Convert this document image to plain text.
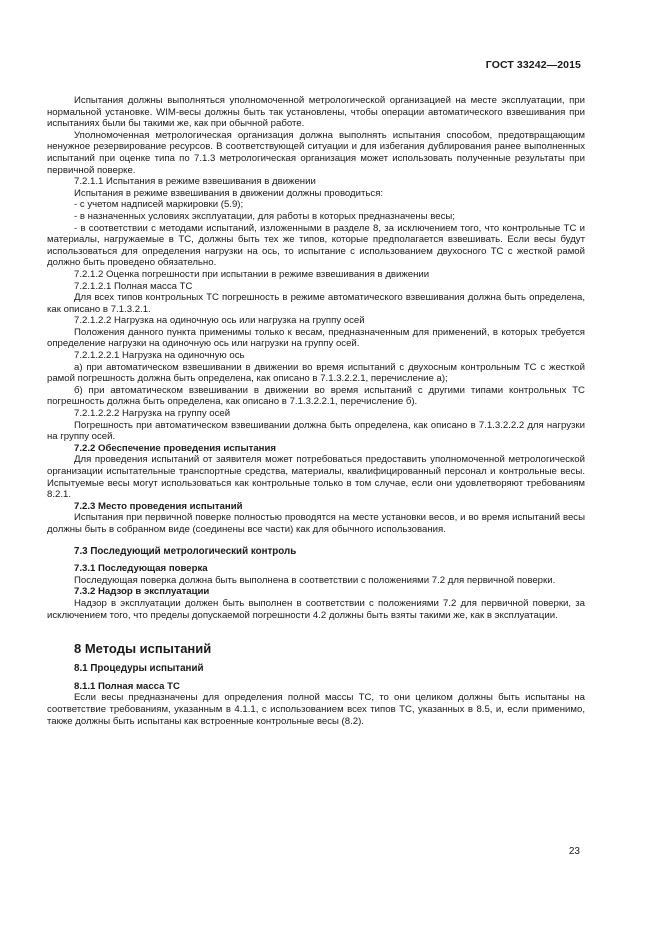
ГОСТ 33242—2015

Испытания должны выполняться уполномоченной метрологической организацией на месте эксплуатации, при нормальной установке. WIM-весы должны быть так установлены, чтобы операции автоматического взвешивания при испытаниях были бы такими же, как при обычной работе.

Уполномоченная метрологическая организация должна выполнять испытания способом, предотвращающим ненужное резервирование ресурсов. В соответствующей ситуации и для избегания дублирования ранее выполненных испытаний при оценке типа по 7.1.3 метрологическая организация может использовать полученные результаты при первичной поверке.

7.2.1.1 Испытания в режиме взвешивания в движении

Испытания в режиме взвешивания в движении должны проводиться:

- с учетом надписей маркировки (5.9);

- в назначенных условиях эксплуатации, для работы в которых предназначены весы;

- в соответствии с методами испытаний, изложенными в разделе 8, за исключением того, что контрольные ТС и материалы, нагружаемые в ТС, должны быть тех же типов, которые предполагается взвешивать. Если весы будут использоваться для определения нагрузки на ось, то испытание с использованием двухосного ТС с жесткой рамой должно быть проведено обязательно.

7.2.1.2 Оценка погрешности при испытании в режиме взвешивания в движении

7.2.1.2.1 Полная масса ТС

Для всех типов контрольных ТС погрешность в режиме автоматического взвешивания должна быть определена, как описано в 7.1.3.2.1.

7.2.1.2.2 Нагрузка на одиночную ось или нагрузка на группу осей

Положения данного пункта применимы только к весам, предназначенным для применений, в которых требуется определение нагрузки на одиночную ось или нагрузки на группу осей.

7.2.1.2.2.1 Нагрузка на одиночную ось

а) при автоматическом взвешивании в движении во время испытаний с двухосным контрольным ТС с жесткой рамой погрешность должна быть определена, как описано в 7.1.3.2.2.1, перечисление а);

б) при автоматическом взвешивании в движении во время испытаний с другими типами контрольных ТС погрешность должна быть определена, как описано в 7.1.3.2.2.1, перечисление б).

7.2.1.2.2.2 Нагрузка на группу осей

Погрешность при автоматическом взвешивании должна быть определена, как описано в 7.1.3.2.2.2 для нагрузки на группу осей.

7.2.2 Обеспечение проведения испытания

Для проведения испытаний от заявителя может потребоваться предоставить уполномоченной метрологической организации испытательные транспортные средства, материалы, квалифицированный персонал и контрольные весы. Испытуемые весы могут использоваться как контрольные только в том случае, если они удовлетворяют требованиям 8.2.1.

7.2.3 Место проведения испытаний

Испытания при первичной поверке полностью проводятся на месте установки весов, и во время испытаний весы должны быть в собранном виде (соединены все части) как для обычного использования.

7.3 Последующий метрологический контроль

7.3.1 Последующая поверка

Последующая поверка должна быть выполнена в соответствии с положениями 7.2 для первичной поверки.

7.3.2 Надзор в эксплуатации

Надзор в эксплуатации должен быть выполнен в соответствии с положениями 7.2 для первичной поверки, за исключением того, что пределы допускаемой погрешности 4.2 должны быть взяты такими же, как в эксплуатации.

8 Методы испытаний

8.1 Процедуры испытаний

8.1.1 Полная масса ТС

Если весы предназначены для определения полной массы ТС, то они целиком должны быть испытаны на соответствие требованиям, указанным в 4.1.1, с использованием всех типов ТС, указанных в 8.5, и, если применимо, также должны быть испытаны как встроенные контрольные весы (8.2).

23
